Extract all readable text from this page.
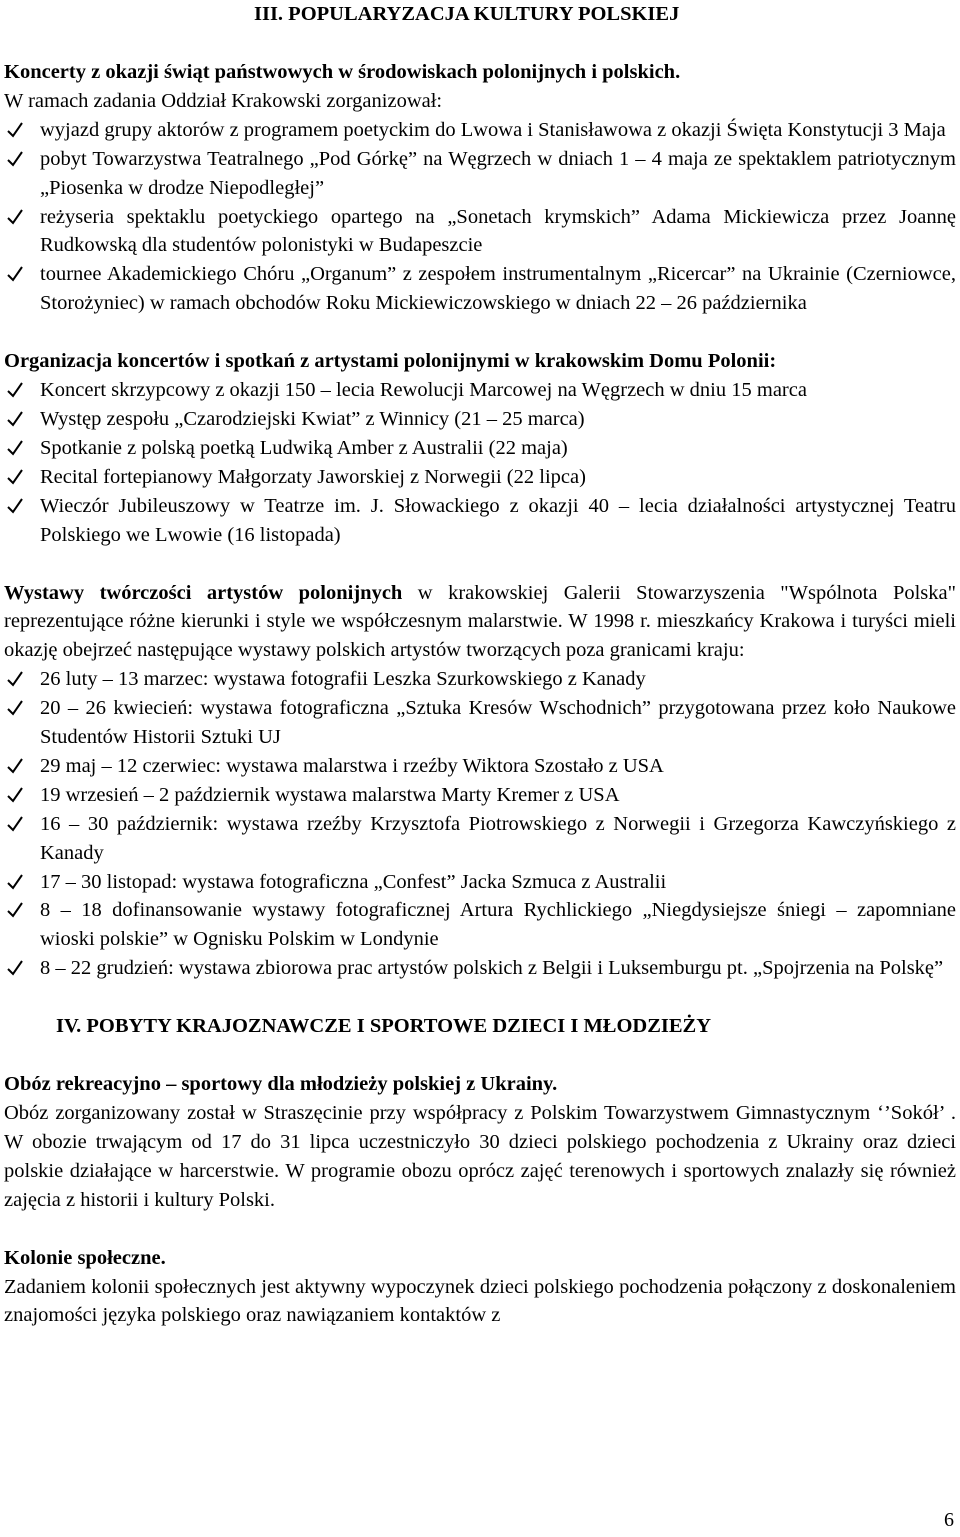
III. POPULARYZACJA KULTURY POLSKIEJ

Koncerty z okazji świąt państwowych w środowiskach polonijnych i polskich.

W ramach zadania Oddział Krakowski zorganizował:

wyjazd grupy aktorów z programem poetyckim do Lwowa i Stanisławowa z okazji Święta Konstytucji 3 Maja
pobyt Towarzystwa Teatralnego „Pod Górkę” na Węgrzech w dniach 1 – 4 maja ze spektaklem patriotycznym „Piosenka w drodze Niepodległej”
reżyseria spektaklu poetyckiego opartego na „Sonetach krymskich” Adama Mickiewicza przez Joannę Rudkowską dla studentów polonistyki w Budapeszcie
tournee Akademickiego Chóru „Organum” z zespołem instrumentalnym „Ricercar” na Ukrainie (Czerniowce, Storożyniec) w ramach obchodów Roku Mickiewiczowskiego w dniach 22 – 26 października

Organizacja koncertów i spotkań z artystami polonijnymi w krakowskim Domu Polonii:

Koncert skrzypcowy z okazji 150 – lecia Rewolucji Marcowej na Węgrzech w dniu 15 marca
Występ zespołu „Czarodziejski Kwiat” z Winnicy (21 – 25 marca)
Spotkanie z polską poetką Ludwiką Amber z Australii (22 maja)
Recital fortepianowy Małgorzaty Jaworskiej z Norwegii (22 lipca)
Wieczór Jubileuszowy w Teatrze im. J. Słowackiego z okazji 40 – lecia działalności artystycznej Teatru Polskiego we Lwowie (16 listopada)

Wystawy twórczości artystów polonijnych w krakowskiej Galerii Stowarzyszenia "Wspólnota Polska" reprezentujące różne kierunki i style we współczesnym malarstwie. W 1998 r. mieszkańcy Krakowa i turyści mieli okazję obejrzeć następujące wystawy polskich artystów tworzących poza granicami kraju:

26 luty – 13 marzec: wystawa fotografii Leszka Szurkowskiego z Kanady
20 – 26 kwiecień: wystawa fotograficzna „Sztuka Kresów Wschodnich” przygotowana przez koło Naukowe Studentów Historii Sztuki UJ
29 maj – 12 czerwiec: wystawa malarstwa i rzeźby Wiktora Szostało z USA
19 wrzesień – 2 październik wystawa malarstwa Marty Kremer z USA
16 – 30 październik: wystawa rzeźby Krzysztofa Piotrowskiego z Norwegii i Grzegorza Kawczyńskiego z Kanady
17 – 30 listopad: wystawa fotograficzna „Confest” Jacka Szmuca z Australii
8 – 18 dofinansowanie wystawy fotograficznej Artura Rychlickiego „Niegdysiejsze śniegi – zapomniane wioski polskie” w Ognisku Polskim w Londynie
8 – 22 grudzień: wystawa zbiorowa prac artystów polskich z Belgii i Luksemburgu pt. „Spojrzenia na Polskę”

IV. POBYTY KRAJOZNAWCZE I SPORTOWE DZIECI I MŁODZIEŻY

Obóz rekreacyjno – sportowy dla młodzieży polskiej z Ukrainy.

Obóz zorganizowany został w Straszęcinie przy współpracy z Polskim Towarzystwem Gimnastycznym ‘’Sokół’ . W obozie trwającym od 17 do 31 lipca uczestniczyło 30 dzieci polskiego pochodzenia z Ukrainy oraz dzieci polskie działające w harcerstwie. W programie obozu oprócz zajęć terenowych i sportowych znalazły się również zajęcia z historii i kultury Polski.

Kolonie społeczne.

Zadaniem kolonii społecznych jest aktywny wypoczynek dzieci polskiego pochodzenia połączony z doskonaleniem znajomości języka polskiego oraz nawiązaniem kontaktów z

6
